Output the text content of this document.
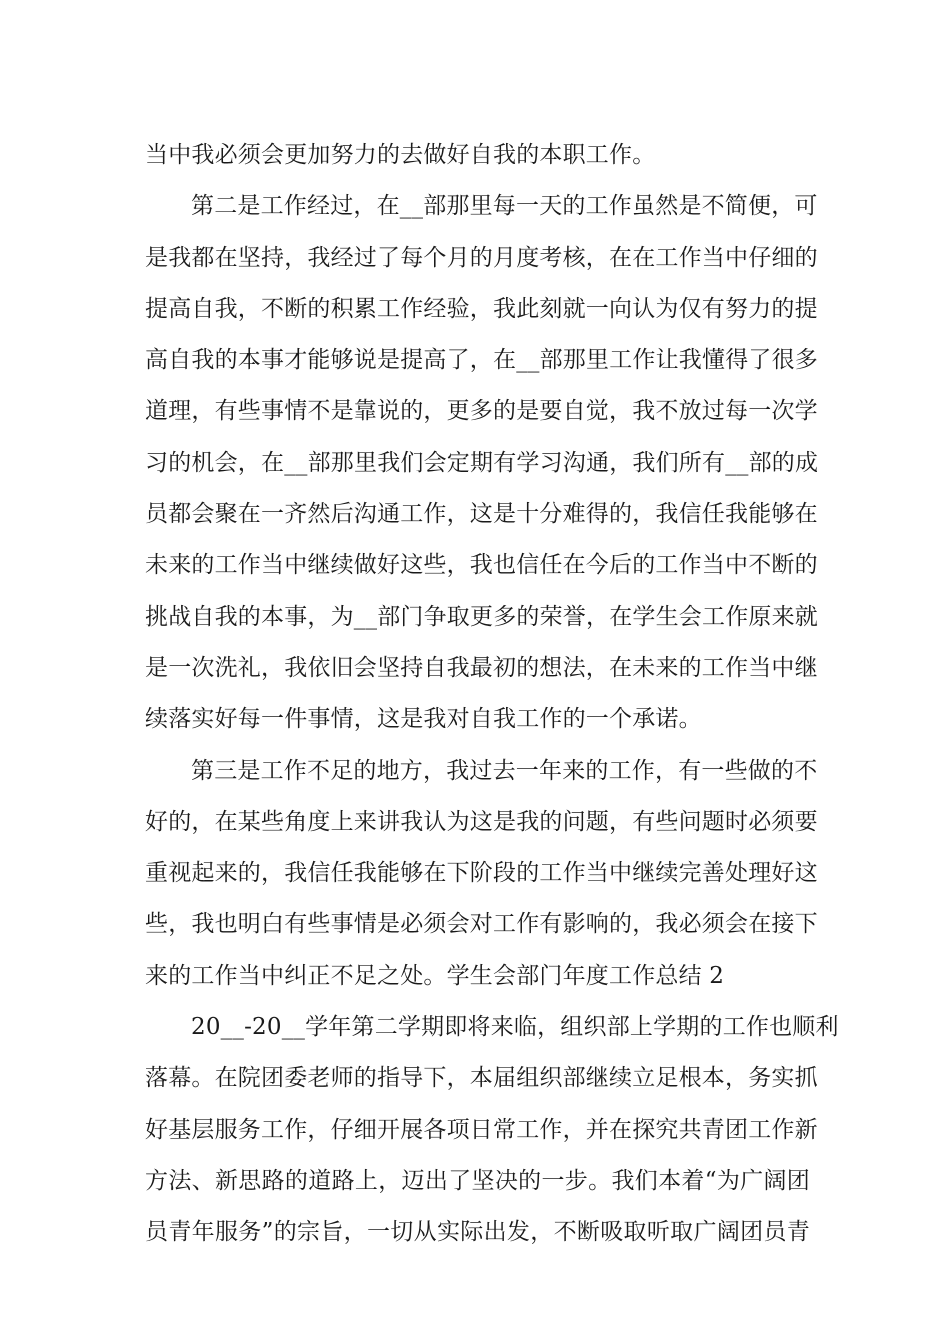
当中我必须会更加努力的去做好自我的本职工作。
第二是工作经过，在__部那里每一天的工作虽然是不简便，可
是我都在坚持，我经过了每个月的月度考核，在在工作当中仔细的
提高自我，不断的积累工作经验，我此刻就一向认为仅有努力的提
高自我的本事才能够说是提高了，在__部那里工作让我懂得了很多
道理，有些事情不是靠说的，更多的是要自觉，我不放过每一次学
习的机会，在__部那里我们会定期有学习沟通，我们所有__部的成
员都会聚在一齐然后沟通工作，这是十分难得的，我信任我能够在
未来的工作当中继续做好这些，我也信任在今后的工作当中不断的
挑战自我的本事，为__部门争取更多的荣誉，在学生会工作原来就
是一次洗礼，我依旧会坚持自我最初的想法，在未来的工作当中继
续落实好每一件事情，这是我对自我工作的一个承诺。
第三是工作不足的地方，我过去一年来的工作，有一些做的不
好的，在某些角度上来讲我认为这是我的问题，有些问题时必须要
重视起来的，我信任我能够在下阶段的工作当中继续完善处理好这
些，我也明白有些事情是必须会对工作有影响的，我必须会在接下
来的工作当中纠正不足之处。学生会部门年度工作总结 2
20__-20__学年第二学期即将来临，组织部上学期的工作也顺利
落幕。在院团委老师的指导下，本届组织部继续立足根本，务实抓
好基层服务工作，仔细开展各项日常工作，并在探究共青团工作新
方法、新思路的道路上，迈出了坚决的一步。我们本着“为广阔团
员青年服务”的宗旨，一切从实际出发，不断吸取听取广阔团员青
